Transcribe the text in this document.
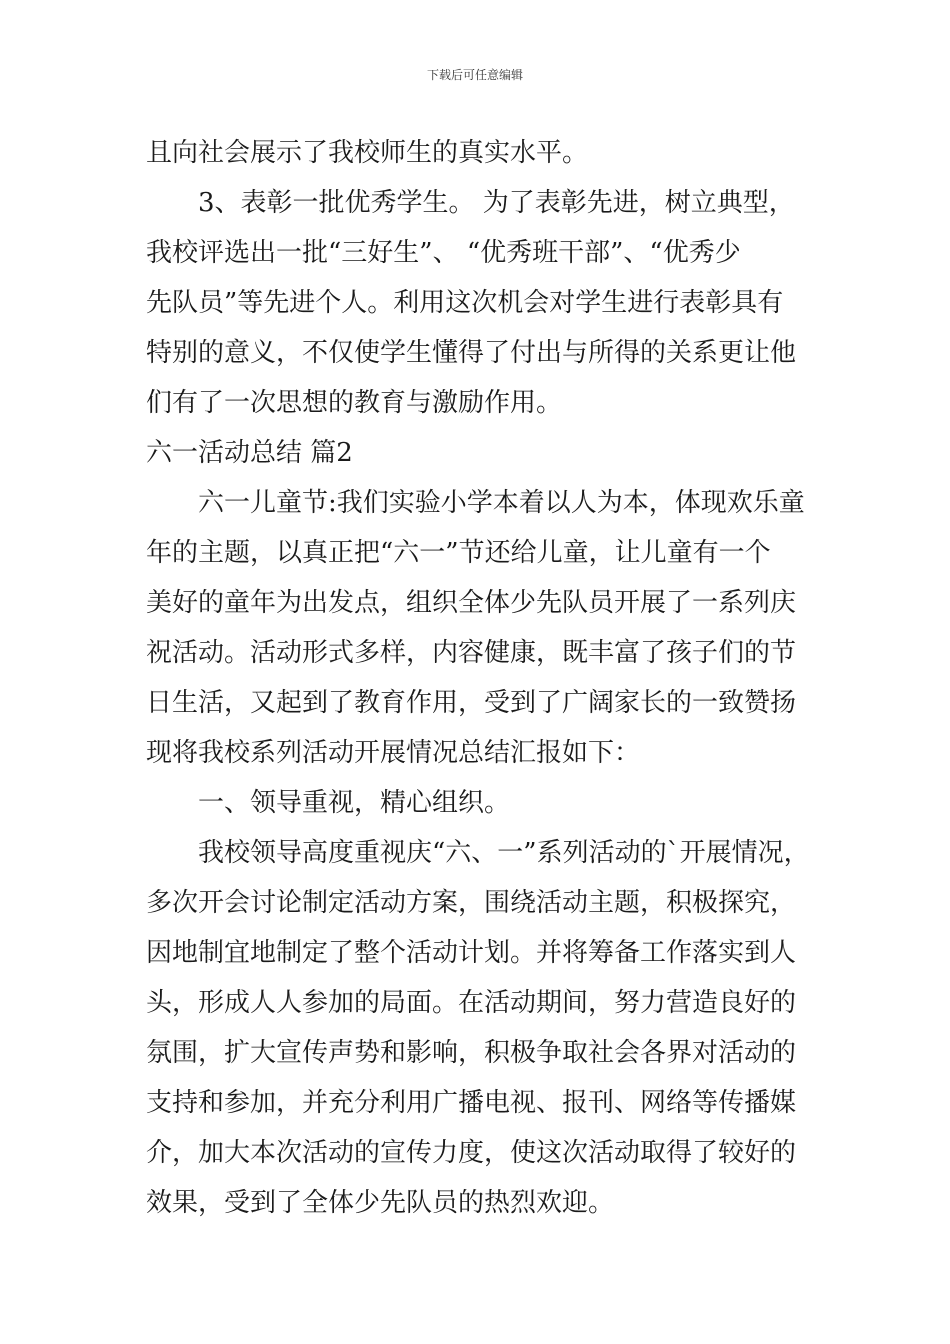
下载后可任意编辑
且向社会展示了我校师生的真实水平。
3、表彰一批优秀学生。 为了表彰先进，树立典型，
我校评选出一批“三好生”、 “优秀班干部”、“优秀少
先队员”等先进个人。利用这次机会对学生进行表彰具有
特别的意义，不仅使学生懂得了付出与所得的关系更让他
们有了一次思想的教育与激励作用。
六一活动总结 篇2
六一儿童节:我们实验小学本着以人为本，体现欢乐童
年的主题，以真正把“六一”节还给儿童，让儿童有一个
美好的童年为出发点，组织全体少先队员开展了一系列庆
祝活动。活动形式多样，内容健康，既丰富了孩子们的节
日生活，又起到了教育作用，受到了广阔家长的一致赞扬
现将我校系列活动开展情况总结汇报如下：
一、领导重视，精心组织。
我校领导高度重视庆“六、一”系列活动的`开展情况，
多次开会讨论制定活动方案，围绕活动主题，积极探究，
因地制宜地制定了整个活动计划。并将筹备工作落实到人
头，形成人人参加的局面。在活动期间，努力营造良好的
氛围，扩大宣传声势和影响，积极争取社会各界对活动的
支持和参加，并充分利用广播电视、报刊、网络等传播媒
介，加大本次活动的宣传力度，使这次活动取得了较好的
效果，受到了全体少先队员的热烈欢迎。
